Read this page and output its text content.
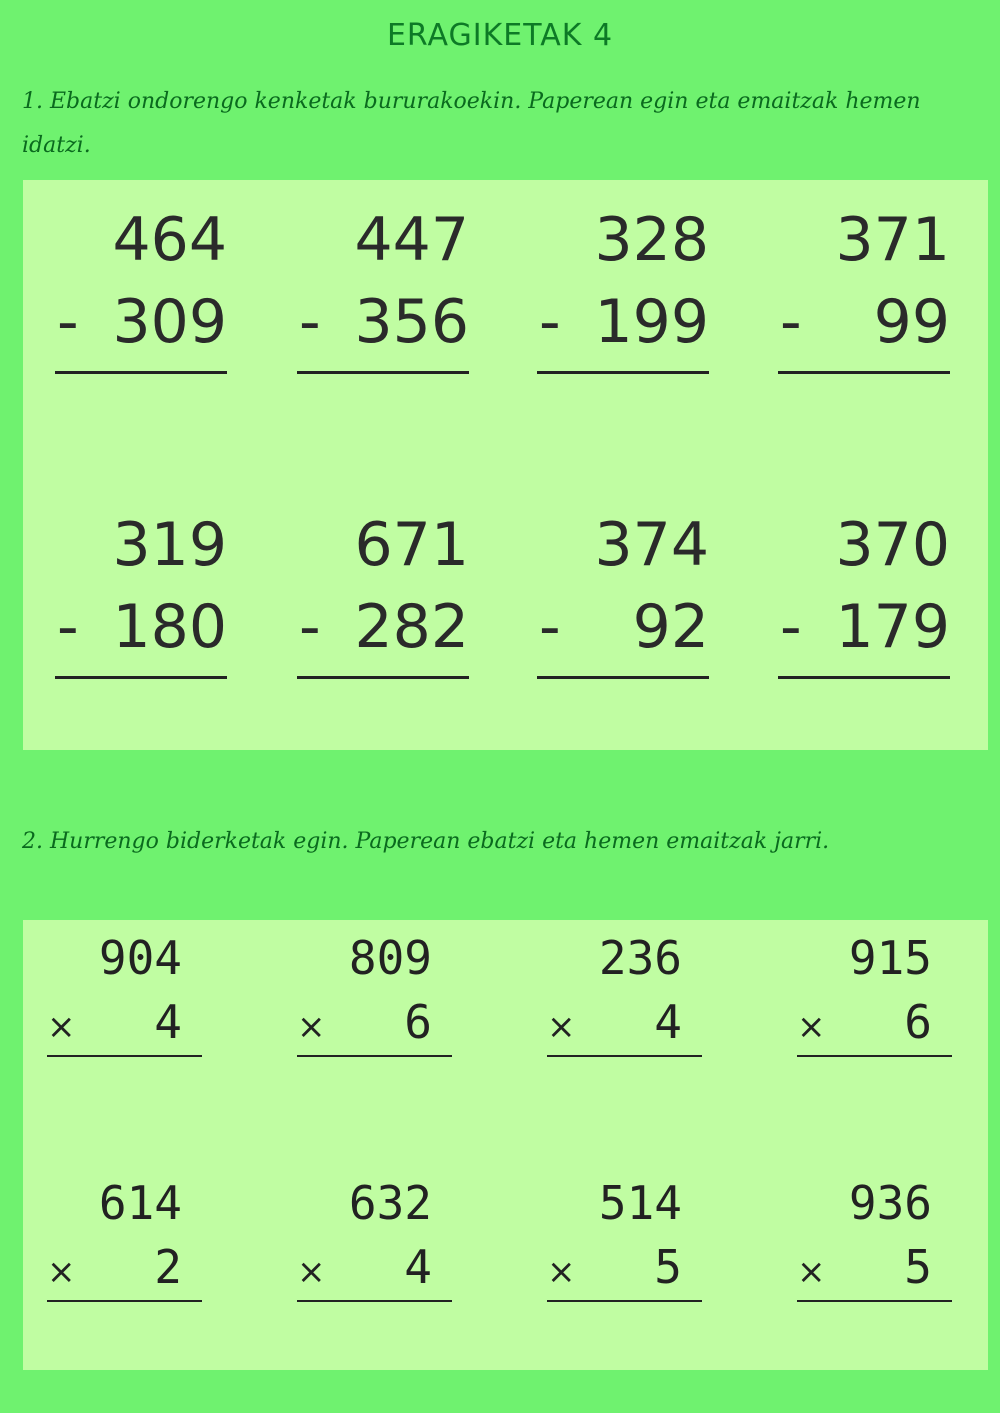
ERAGIKETAK 4
1. Ebatzi ondorengo kenketak bururakoekin. Paperean egin eta emaitzak hemen idatzi.
2. Hurrengo biderketak egin. Paperean ebatzi eta hemen emaitzak jarri.
464
- 309
447
- 356
328
- 199
371
- 99
319
- 180
671
- 282
374
- 92
370
- 179
904
× 4
809
× 6
236
× 4
915
× 6
614
× 2
632
× 4
514
× 5
936
× 5
